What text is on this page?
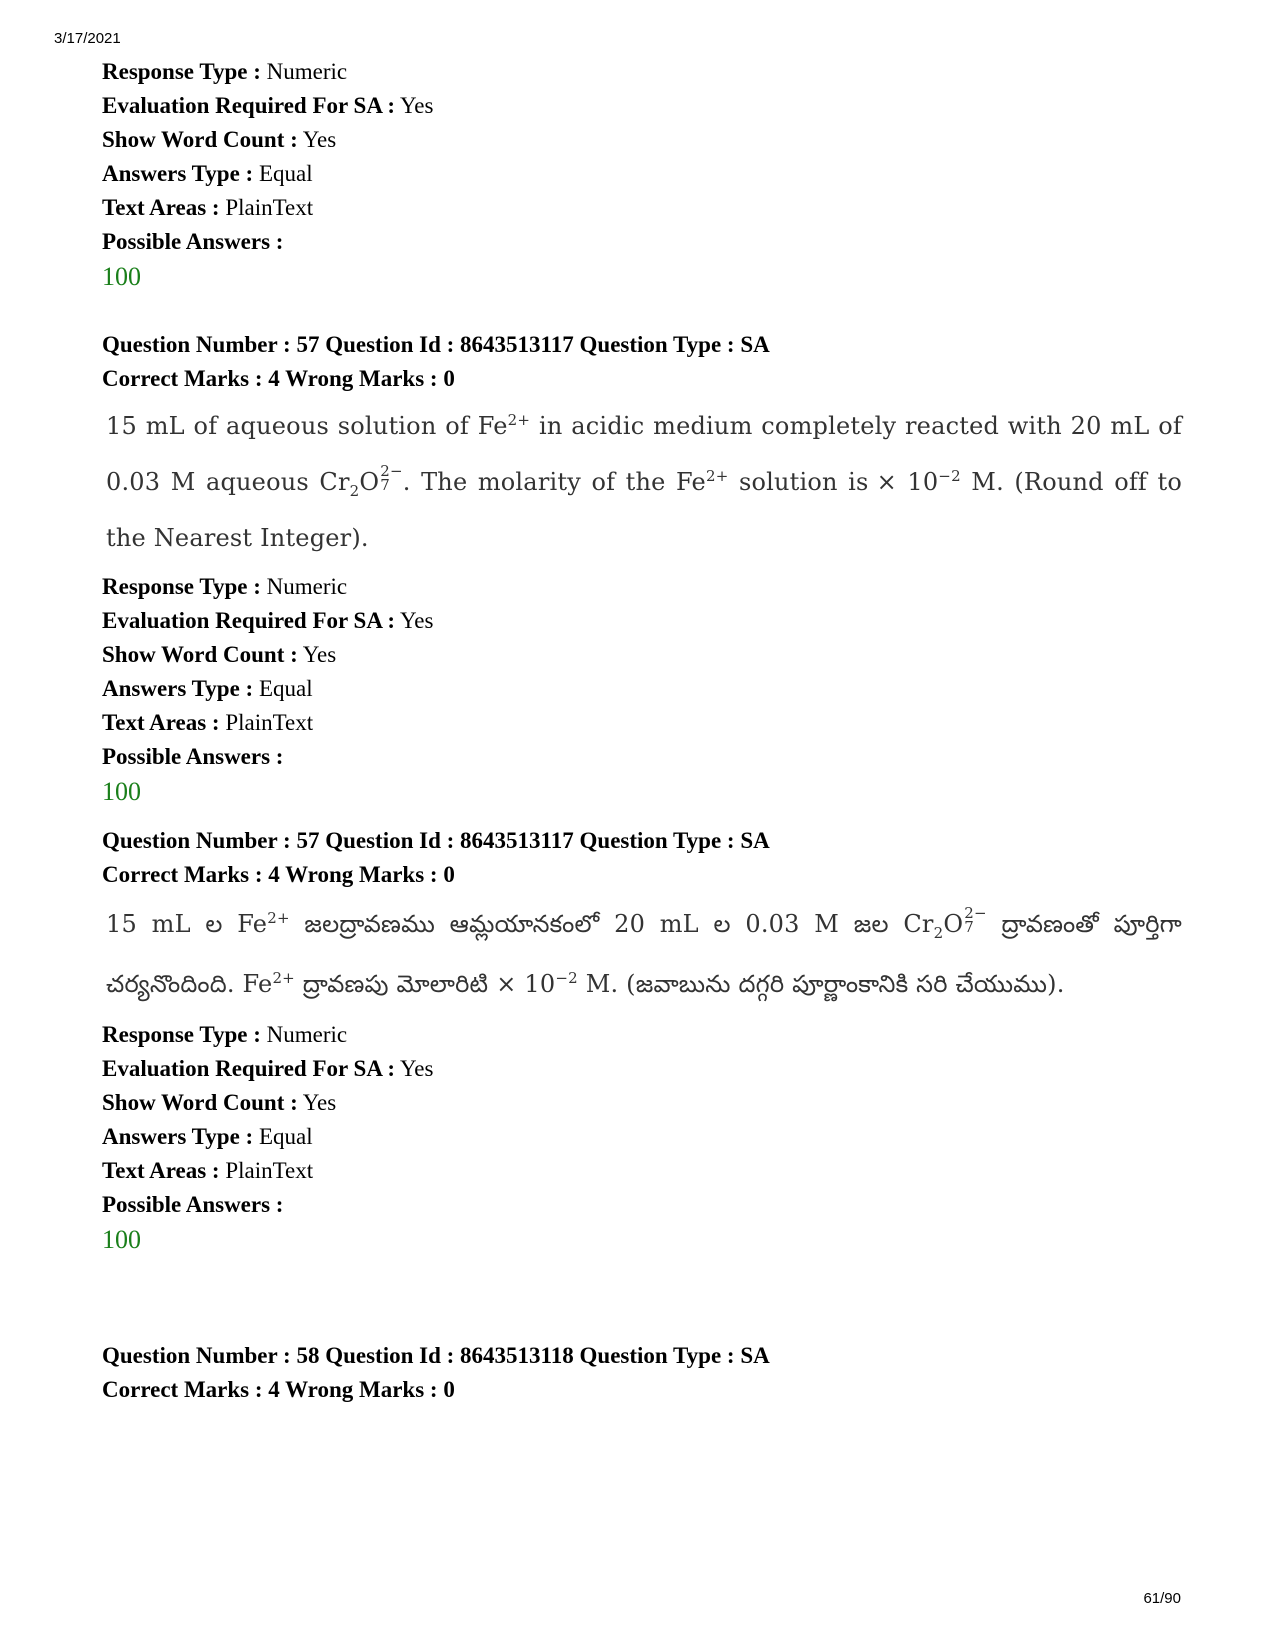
3/17/2021
Response Type : Numeric
Evaluation Required For SA : Yes
Show Word Count : Yes
Answers Type : Equal
Text Areas : PlainText
Possible Answers :
100
Question Number : 57 Question Id : 8643513117 Question Type : SA
Correct Marks : 4 Wrong Marks : 0
15 mL of aqueous solution of $Fe^{2+}$ in acidic medium completely reacted with 20 mL of 0.03 M aqueous $Cr_2O$ 2−
7 . The molarity of the $Fe^{2+}$ solution is × $10^{-2}$ M. (Round off to the Nearest Integer).
Response Type : Numeric
Evaluation Required For SA : Yes
Show Word Count : Yes
Answers Type : Equal
Text Areas : PlainText
Possible Answers :
100
Question Number : 57 Question Id : 8643513117 Question Type : SA
Correct Marks : 4 Wrong Marks : 0
15 mL ల $Fe^{2+}$ జలద్రావణము ఆమ్లయానకంలో 20 mL ల 0.03 M జల $Cr_2O$ 2−
7	ద్రావణంతో పూర్తిగా చర్యనొందింది. $Fe^{2+}$ ద్రావణపు మోలారిటి × $10^{-2}$ M. (జవాబును దగ్గరి పూర్ణాంకానికి సరి చేయుము).
Response Type : Numeric
Evaluation Required For SA : Yes
Show Word Count : Yes
Answers Type : Equal
Text Areas : PlainText
Possible Answers :
100
Question Number : 58 Question Id : 8643513118 Question Type : SA
Correct Marks : 4 Wrong Marks : 0
61/90
